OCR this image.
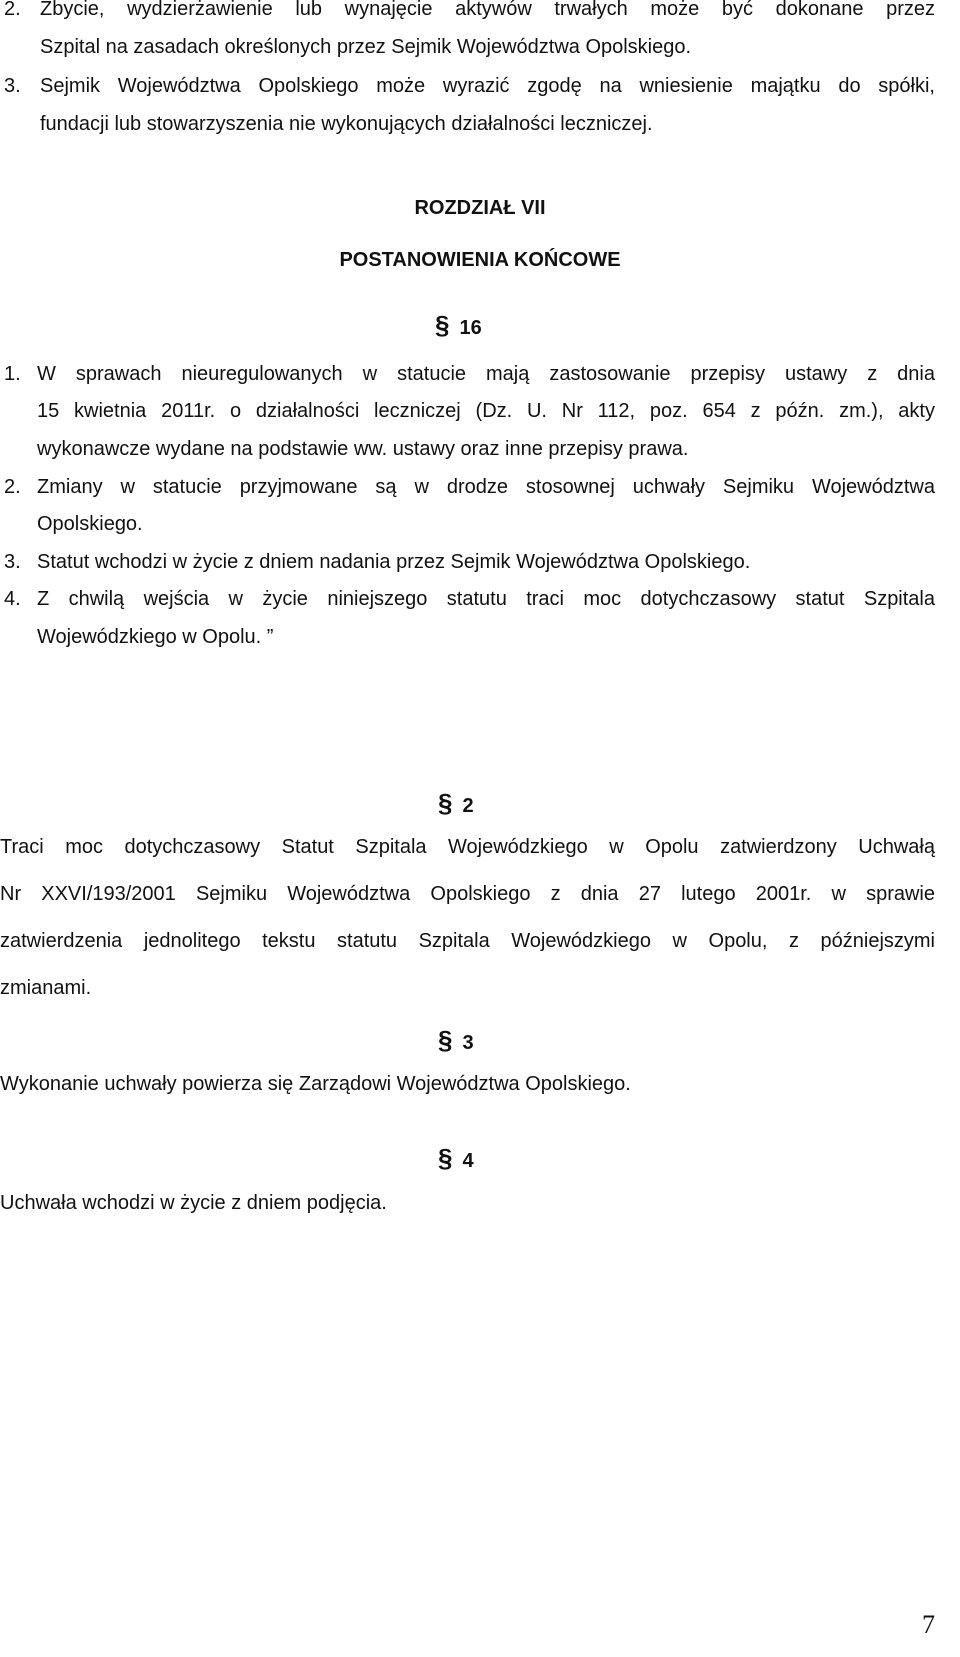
2. Zbycie, wydzierżawienie lub wynajęcie aktywów trwałych może być dokonane przez
Szpital na zasadach określonych przez Sejmik Województwa Opolskiego.
3. Sejmik Województwa Opolskiego może wyrazić zgodę na wniesienie majątku do spółki,
fundacji lub stowarzyszenia nie wykonujących działalności leczniczej.
ROZDZIAŁ VII
POSTANOWIENIA KOŃCOWE
§ 16
1. W sprawach nieuregulowanych w statucie mają zastosowanie przepisy ustawy z dnia
15 kwietnia 2011r. o działalności leczniczej (Dz. U. Nr 112, poz. 654 z późn. zm.), akty
wykonawcze wydane na podstawie ww. ustawy oraz inne przepisy prawa.
2. Zmiany w statucie przyjmowane są w drodze stosownej uchwały Sejmiku Województwa
Opolskiego.
3. Statut wchodzi w życie z dniem nadania przez Sejmik Województwa Opolskiego.
4. Z chwilą wejścia w życie niniejszego statutu traci moc dotychczasowy statut Szpitala
Wojewódzkiego w Opolu. ”
§ 2
Traci moc dotychczasowy Statut Szpitala Wojewódzkiego w Opolu zatwierdzony Uchwałą
Nr XXVI/193/2001 Sejmiku Województwa Opolskiego z dnia 27 lutego 2001r. w sprawie
zatwierdzenia jednolitego tekstu statutu Szpitala Wojewódzkiego w Opolu, z późniejszymi
zmianami.
§ 3
Wykonanie uchwały powierza się Zarządowi Województwa Opolskiego.
§ 4
Uchwała wchodzi w życie z dniem podjęcia.
7
